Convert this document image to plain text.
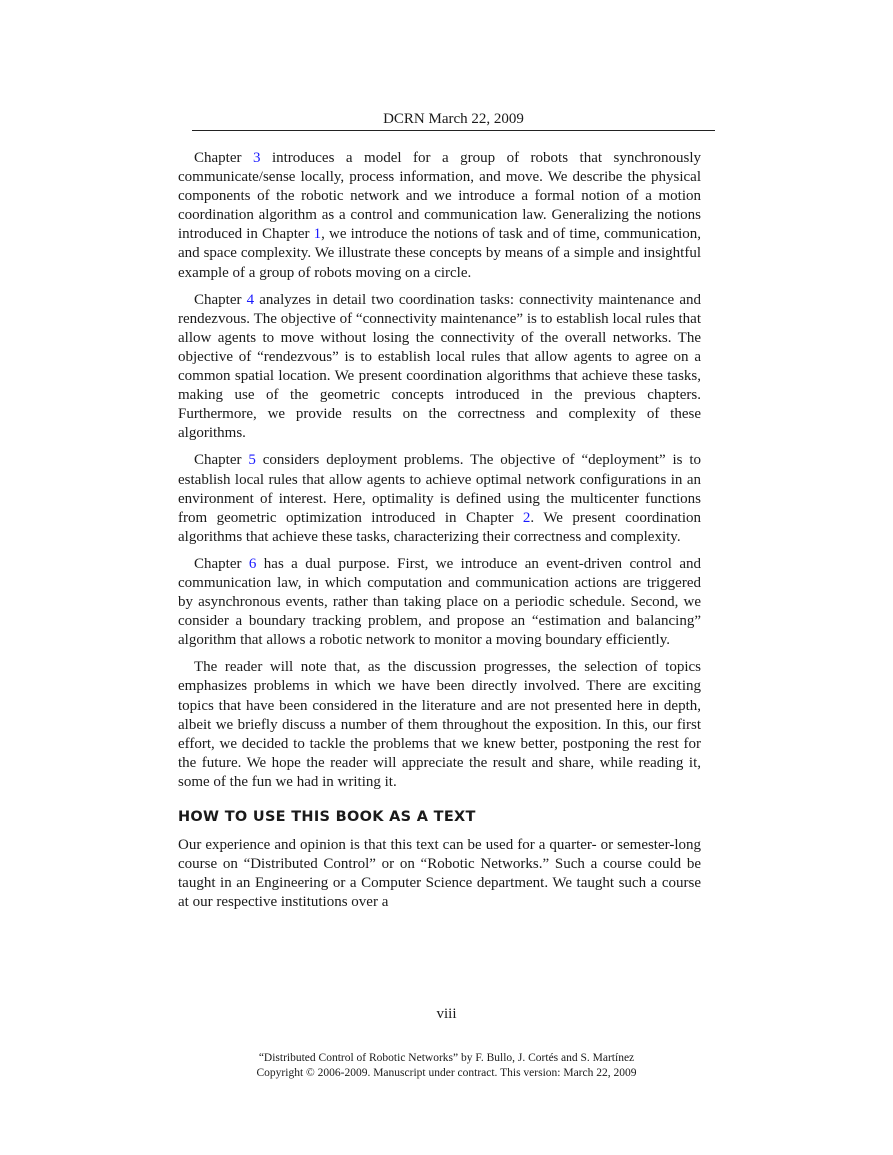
DCRN March 22, 2009

Chapter 3 introduces a model for a group of robots that synchronously communicate/sense locally, process information, and move. We describe the physical components of the robotic network and we introduce a formal notion of a motion coordination algorithm as a control and communication law. Generalizing the notions introduced in Chapter 1, we introduce the notions of task and of time, communication, and space complexity. We illustrate these concepts by means of a simple and insightful example of a group of robots moving on a circle.

Chapter 4 analyzes in detail two coordination tasks: connectivity maintenance and rendezvous. The objective of “connectivity maintenance” is to establish local rules that allow agents to move without losing the connectivity of the overall networks. The objective of “rendezvous” is to establish local rules that allow agents to agree on a common spatial location. We present coordination algorithms that achieve these tasks, making use of the geometric concepts introduced in the previous chapters. Furthermore, we provide results on the correctness and complexity of these algorithms.

Chapter 5 considers deployment problems. The objective of “deployment” is to establish local rules that allow agents to achieve optimal network configurations in an environment of interest. Here, optimality is defined using the multicenter functions from geometric optimization introduced in Chapter 2. We present coordination algorithms that achieve these tasks, characterizing their correctness and complexity.

Chapter 6 has a dual purpose. First, we introduce an event-driven control and communication law, in which computation and communication actions are triggered by asynchronous events, rather than taking place on a periodic schedule. Second, we consider a boundary tracking problem, and propose an “estimation and balancing” algorithm that allows a robotic network to monitor a moving boundary efficiently.

The reader will note that, as the discussion progresses, the selection of topics emphasizes problems in which we have been directly involved. There are exciting topics that have been considered in the literature and are not presented here in depth, albeit we briefly discuss a number of them throughout the exposition. In this, our first effort, we decided to tackle the problems that we knew better, postponing the rest for the future. We hope the reader will appreciate the result and share, while reading it, some of the fun we had in writing it.

HOW TO USE THIS BOOK AS A TEXT

Our experience and opinion is that this text can be used for a quarter- or semester-long course on “Distributed Control” or on “Robotic Networks.” Such a course could be taught in an Engineering or a Computer Science department. We taught such a course at our respective institutions over a

viii
“Distributed Control of Robotic Networks” by F. Bullo, J. Cortés and S. Martínez
Copyright © 2006-2009. Manuscript under contract. This version: March 22, 2009
